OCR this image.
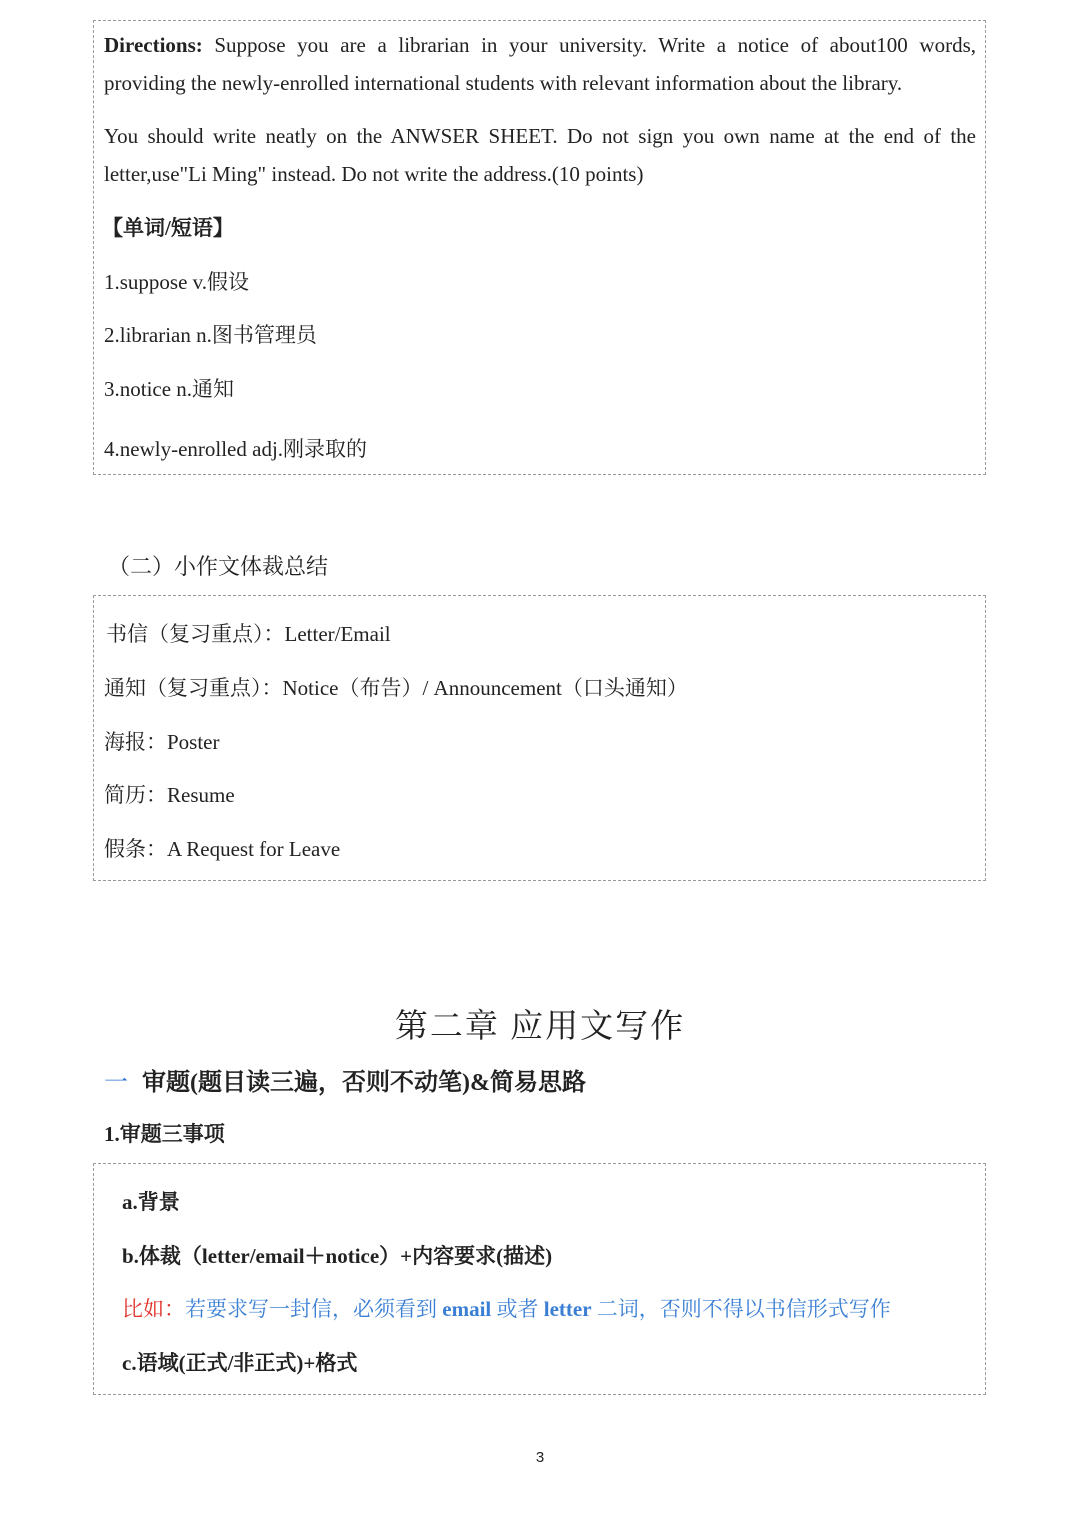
Directions: Suppose you are a librarian in your university. Write a notice of about100 words,
providing the newly-enrolled international students with relevant information about the library.
You should write neatly on the ANWSER SHEET. Do not sign you own name at the end of the
letter,use"Li Ming" instead. Do not write the address.(10 points)
【单词/短语】
1.suppose v.假设
2.librarian n.图书管理员
3.notice n.通知
4.newly-enrolled adj.刚录取的
（二）小作文体裁总结
书信（复习重点）：Letter/Email
通知（复习重点）：Notice（布告）/ Announcement（口头通知）
海报：Poster
简历：Resume
假条：A Request for Leave
第二章 应用文写作
一 审题(题目读三遍，否则不动笔)&简易思路
1.审题三事项
a.背景
b.体裁（letter/email＋notice）+内容要求(描述)
比如：若要求写一封信，必须看到 email 或者 letter 二词，否则不得以书信形式写作
c.语域(正式/非正式)+格式
3
